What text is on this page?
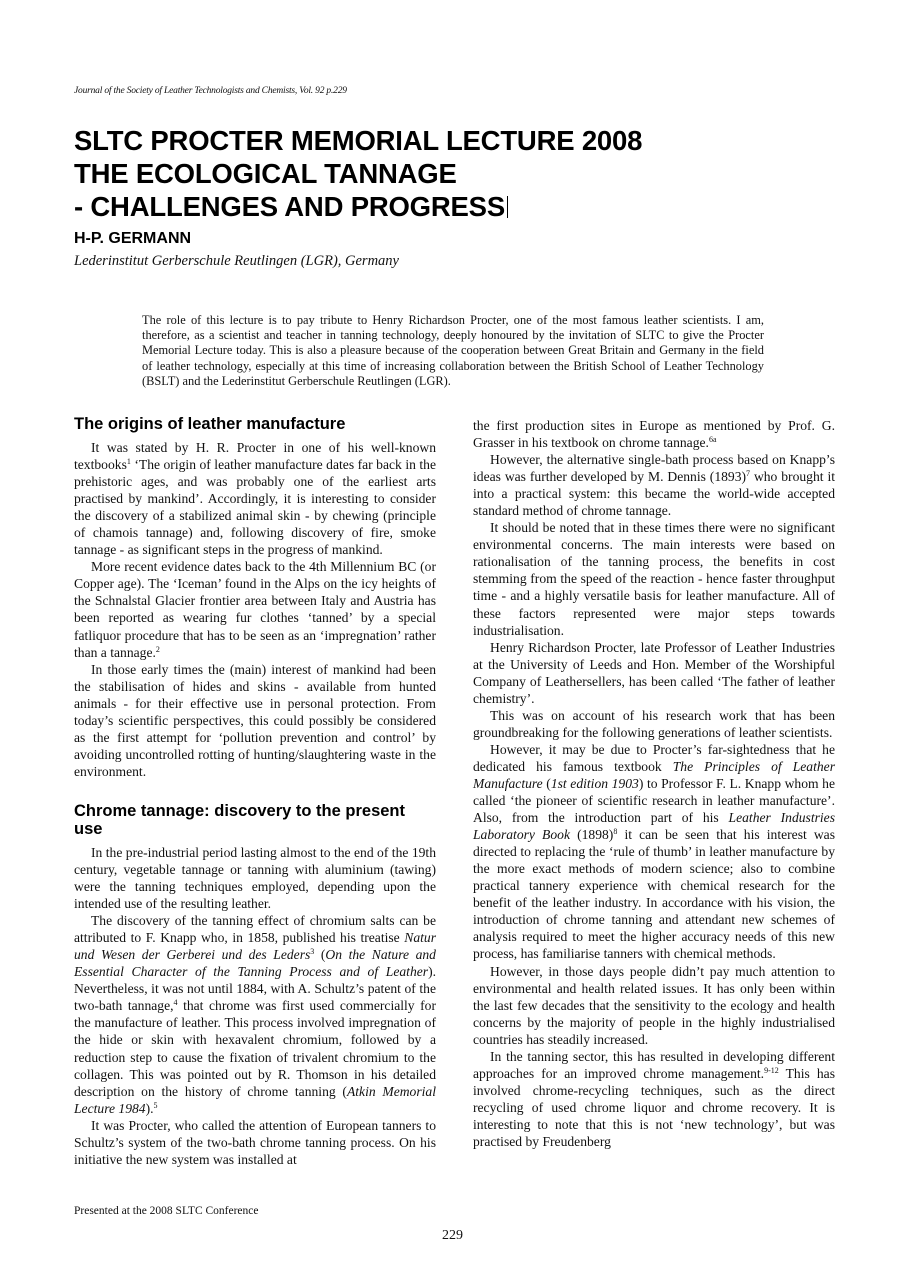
Journal of the Society of Leather Technologists and Chemists, Vol. 92 p.229
SLTC PROCTER MEMORIAL LECTURE 2008
THE ECOLOGICAL TANNAGE
- CHALLENGES AND PROGRESS
H-P. GERMANN
Lederinstitut Gerberschule Reutlingen (LGR), Germany
The role of this lecture is to pay tribute to Henry Richardson Procter, one of the most famous leather scientists. I am, therefore, as a scientist and teacher in tanning technology, deeply honoured by the invitation of SLTC to give the Procter Memorial Lecture today. This is also a pleasure because of the cooperation between Great Britain and Germany in the field of leather technology, especially at this time of increasing collaboration between the British School of Leather Technology (BSLT) and the Lederinstitut Gerberschule Reutlingen (LGR).
The origins of leather manufacture

It was stated by H. R. Procter in one of his well-known textbooks$^1$ ‘The origin of leather manufacture dates far back in the prehistoric ages, and was probably one of the earliest arts practised by mankind’. Accordingly, it is interesting to consider the discovery of a stabilized animal skin - by chewing (principle of chamois tannage) and, following discovery of fire, smoke tannage - as significant steps in the progress of mankind.

More recent evidence dates back to the 4th Millennium BC (or Copper age). The ‘Iceman’ found in the Alps on the icy heights of the Schnalstal Glacier frontier area between Italy and Austria has been reported as wearing fur clothes ‘tanned’ by a special fatliquor procedure that has to be seen as an ‘impregnation’ rather than a tannage.$^2$

In those early times the (main) interest of mankind had been the stabilisation of hides and skins - available from hunted animals - for their effective use in personal protection. From today’s scientific perspectives, this could possibly be considered as the first attempt for ‘pollution prevention and control’ by avoiding uncontrolled rotting of hunting/slaughtering waste in the environment.

Chrome tannage: discovery to the present use

In the pre-industrial period lasting almost to the end of the 19th century, vegetable tannage or tanning with aluminium (tawing) were the tanning techniques employed, depending upon the intended use of the resulting leather.

The discovery of the tanning effect of chromium salts can be attributed to F. Knapp who, in 1858, published his treatise Natur und Wesen der Gerberei und des Leders$^3$ (On the Nature and Essential Character of the Tanning Process and of Leather). Nevertheless, it was not until 1884, with A. Schultz’s patent of the two-bath tannage,$^4$ that chrome was first used commercially for the manufacture of leather. This process involved impregnation of the hide or skin with hexavalent chromium, followed by a reduction step to cause the fixation of trivalent chromium to the collagen. This was pointed out by R. Thomson in his detailed description on the history of chrome tanning (Atkin Memorial Lecture 1984).$^5$

It was Procter, who called the attention of European tanners to Schultz’s system of the two-bath chrome tanning process. On his initiative the new system was installed at

the first production sites in Europe as mentioned by Prof. G. Grasser in his textbook on chrome tannage.$^{6a}$

However, the alternative single-bath process based on Knapp’s ideas was further developed by M. Dennis $(1893)^7$ who brought it into a practical system: this became the world-wide accepted standard method of chrome tannage.

It should be noted that in these times there were no significant environmental concerns. The main interests were based on rationalisation of the tanning process, the benefits in cost stemming from the speed of the reaction - hence faster throughput time - and a highly versatile basis for leather manufacture. All of these factors represented were major steps towards industrialisation.

Henry Richardson Procter, late Professor of Leather Industries at the University of Leeds and Hon. Member of the Worshipful Company of Leathersellers, has been called ‘The father of leather chemistry’.

This was on account of his research work that has been groundbreaking for the following generations of leather scientists.

However, it may be due to Procter’s far-sightedness that he dedicated his famous textbook The Principles of Leather Manufacture (1st edition 1903) to Professor F. L. Knapp whom he called ‘the pioneer of scientific research in leather manufacture’. Also, from the introduction part of his Leather Industries Laboratory Book $(1898)^8$ it can be seen that his interest was directed to replacing the ‘rule of thumb’ in leather manufacture by the more exact methods of modern science; also to combine practical tannery experience with chemical research for the benefit of the leather industry. In accordance with his vision, the introduction of chrome tanning and attendant new schemes of analysis required to meet the higher accuracy needs of this new process, has familiarise tanners with chemical methods.

However, in those days people didn’t pay much attention to environmental and health related issues. It has only been within the last few decades that the sensitivity to the ecology and health concerns by the majority of people in the highly industrialised countries has steadily increased.

In the tanning sector, this has resulted in developing different approaches for an improved chrome management.$^{9-12}$ This has involved chrome-recycling techniques, such as the direct recycling of used chrome liquor and chrome recovery. It is interesting to note that this is not ‘new technology’, but was practised by Freudenberg

Presented at the 2008 SLTC Conference
229
